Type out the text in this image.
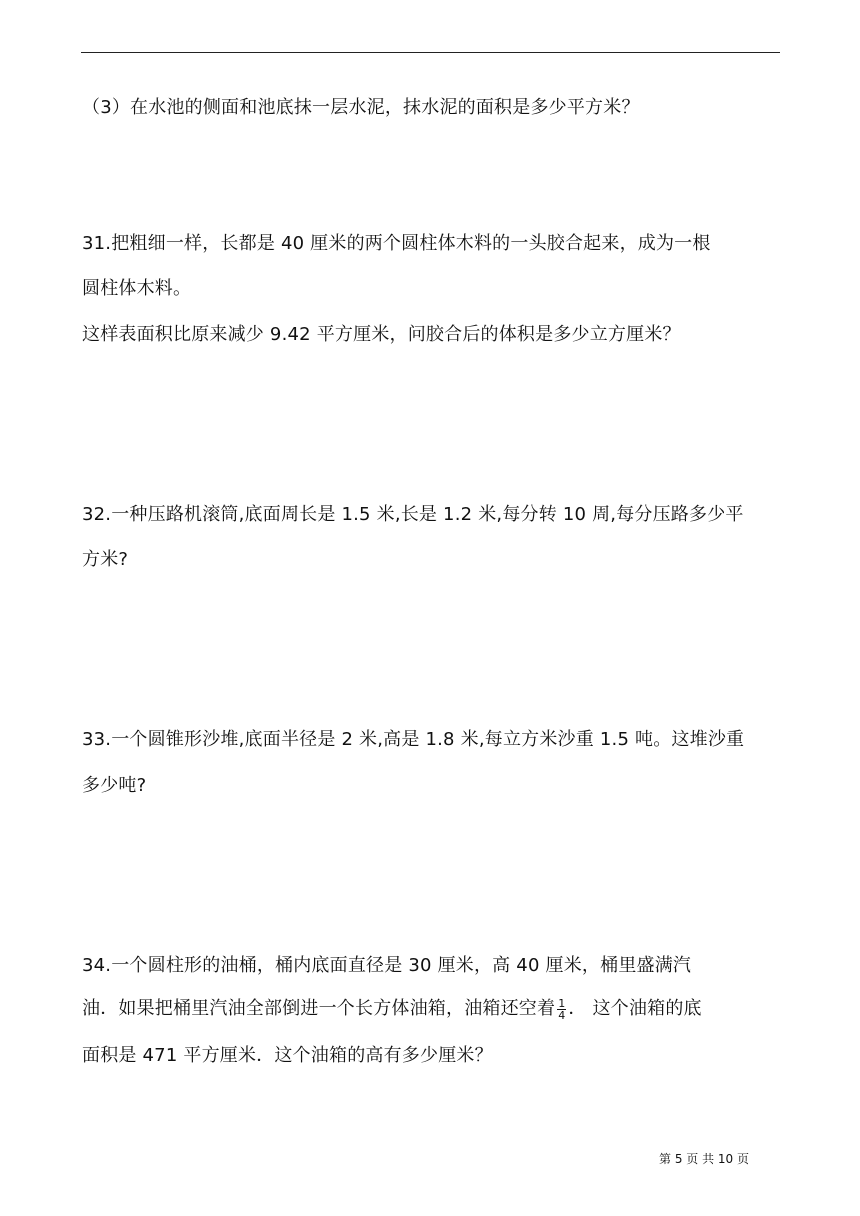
（3）在水池的侧面和池底抹一层水泥，抹水泥的面积是多少平方米？
31.把粗细一样，长都是 40 厘米的两个圆柱体木料的一头胶合起来，成为一根
圆柱体木料。
这样表面积比原来减少 9.42 平方厘米，问胶合后的体积是多少立方厘米？
32.一种压路机滚筒,底面周长是 1.5 米,长是 1.2 米,每分转 10 周,每分压路多少平
方米?
33.一个圆锥形沙堆,底面半径是 2 米,高是 1.8 米,每立方米沙重 1.5 吨。这堆沙重
多少吨?
34.一个圆柱形的油桶，桶内底面直径是 30 厘米，高 40 厘米，桶里盛满汽
油．如果把桶里汽油全部倒进一个长方体油箱，油箱还空着 $\frac{1}{4}$ ． 这个油箱的底
面积是 471 平方厘米．这个油箱的高有多少厘米？
第 5 页 共 10 页
